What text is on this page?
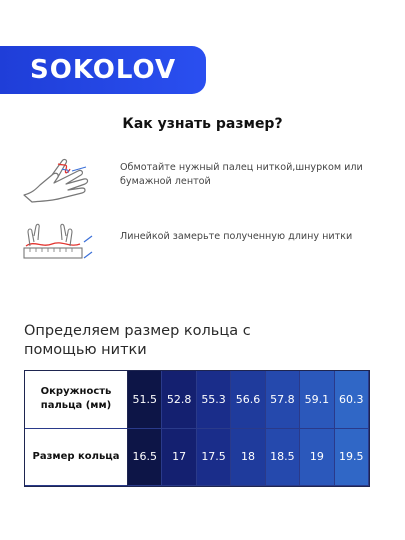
SOKOLOV
Как узнать размер?
Обмотайте нужный палец ниткой,шнурком или бумажной лентой
Линейкой замерьте полученную длину нитки
Определяем размер кольца с помощью нитки
Окружность пальца (мм)	51.5 52.8 55.3 56.6 57.8 59.1 60.3
Размер кольца	16.5	17	17.5	18	18.5	19	19.5
